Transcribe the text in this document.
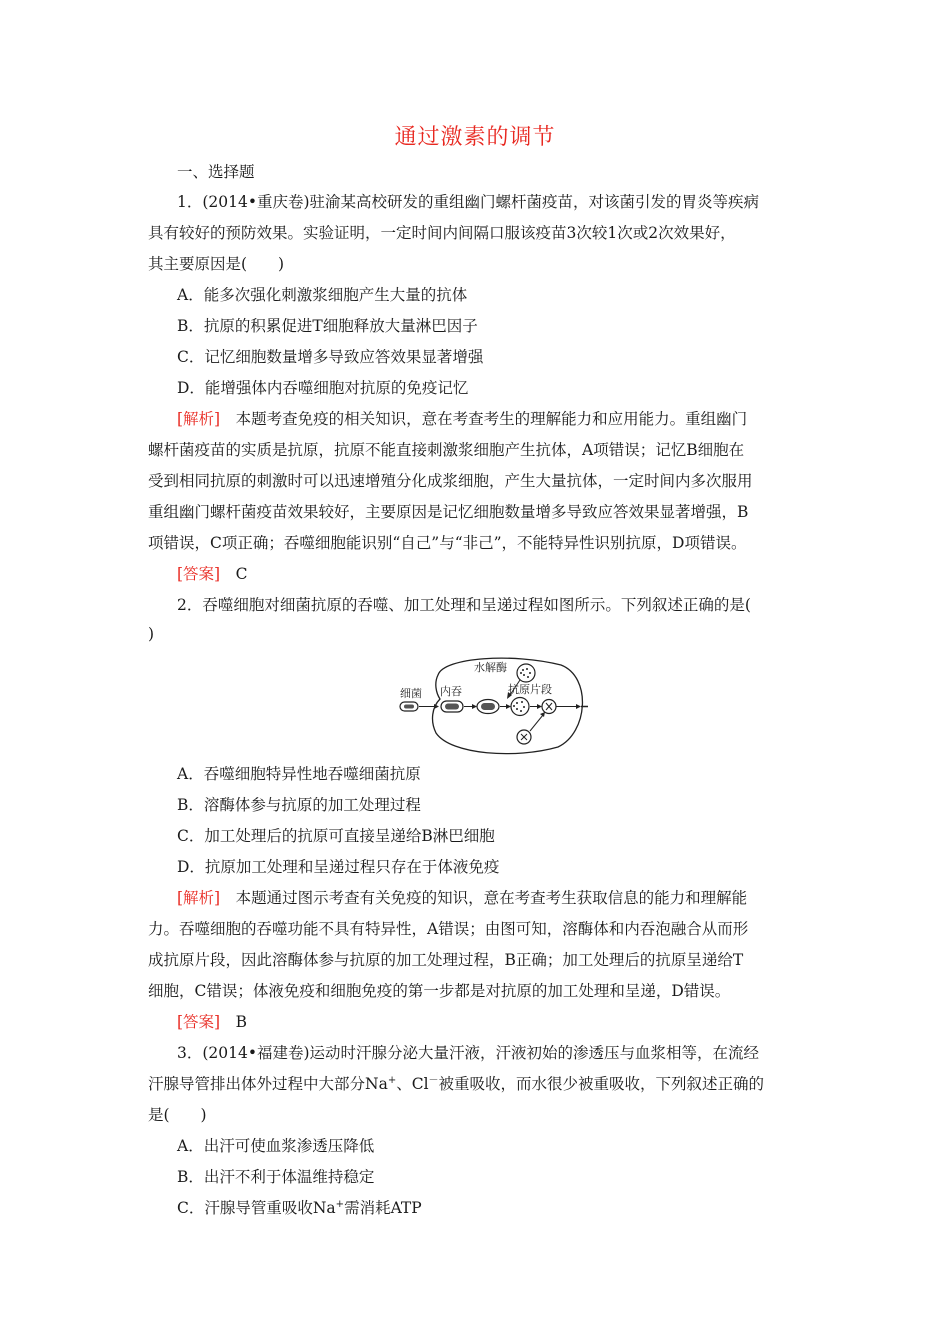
通过激素的调节
一、选择题
1．(2014•重庆卷)驻渝某高校研发的重组幽门螺杆菌疫苗，对该菌引发的胃炎等疾病
具有较好的预防效果。实验证明，一定时间内间隔口服该疫苗3次较1次或2次效果好，
其主要原因是(　　)
A．能多次强化刺激浆细胞产生大量的抗体
B．抗原的积累促进T细胞释放大量淋巴因子
C．记忆细胞数量增多导致应答效果显著增强
D．能增强体内吞噬细胞对抗原的免疫记忆
[解析]　本题考查免疫的相关知识，意在考查考生的理解能力和应用能力。重组幽门
螺杆菌疫苗的实质是抗原，抗原不能直接刺激浆细胞产生抗体，A项错误；记忆B细胞在
受到相同抗原的刺激时可以迅速增殖分化成浆细胞，产生大量抗体，一定时间内多次服用
重组幽门螺杆菌疫苗效果较好，主要原因是记忆细胞数量增多导致应答效果显著增强，B
项错误，C项正确；吞噬细胞能识别“自己”与“非己”，不能特异性识别抗原，D项错误。
[答案]　C
2．吞噬细胞对细菌抗原的吞噬、加工处理和呈递过程如图所示。下列叙述正确的是(
)
细菌 内吞
水解酶
抗原片段
A．吞噬细胞特异性地吞噬细菌抗原
B．溶酶体参与抗原的加工处理过程
C．加工处理后的抗原可直接呈递给B淋巴细胞
D．抗原加工处理和呈递过程只存在于体液免疫
[解析]　本题通过图示考查有关免疫的知识，意在考查考生获取信息的能力和理解能
力。吞噬细胞的吞噬功能不具有特异性，A错误；由图可知，溶酶体和内吞泡融合从而形
成抗原片段，因此溶酶体参与抗原的加工处理过程，B正确；加工处理后的抗原呈递给T
细胞，C错误；体液免疫和细胞免疫的第一步都是对抗原的加工处理和呈递，D错误。
[答案]　B
3．(2014•福建卷)运动时汗腺分泌大量汗液，汗液初始的渗透压与血浆相等，在流经
汗腺导管排出体外过程中大部分Na+、Cl－被重吸收，而水很少被重吸收，下列叙述正确的
是(　　)
A．出汗可使血浆渗透压降低
B．出汗不利于体温维持稳定
C．汗腺导管重吸收Na+需消耗ATP
